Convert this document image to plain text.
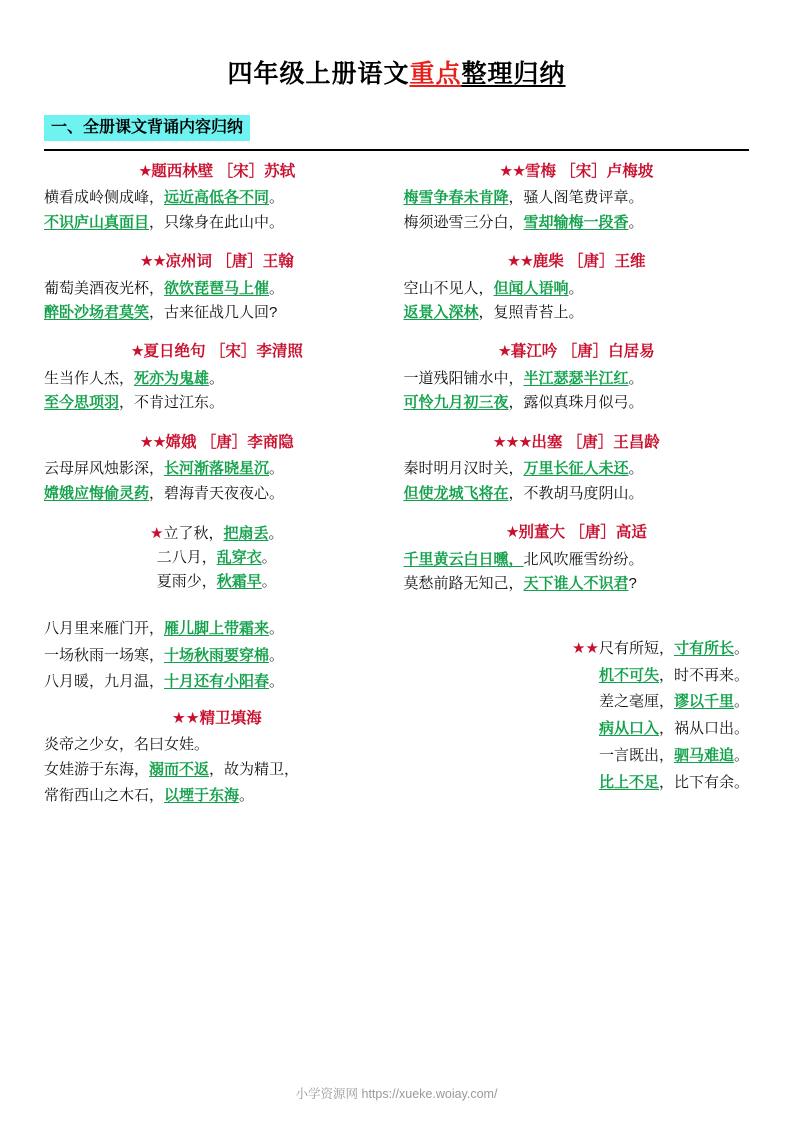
四年级上册语文重点整理归纳
一、全册课文背诵内容归纳
★题西林壁 ［宋］苏轼
横看成岭侧成峰，远近高低各不同。
不识庐山真面目，只缘身在此山中。
★★凉州词 ［唐］王翰
葡萄美酒夜光杯，欲饮琵琶马上催。
醉卧沙场君莫笑，古来征战几人回?
★夏日绝句 ［宋］李清照
生当作人杰，死亦为鬼雄。
至今思项羽，不肯过江东。
★★嫦娥 ［唐］李商隐
云母屏风烛影深，长河渐落晓星沉。
嫦娥应悔偷灵药，碧海青天夜夜心。
★立了秋，把扇丢。
二八月，乱穿衣。
夏雨少，秋霜早。
★★雪梅 ［宋］卢梅坡
梅雪争春未肯降，骚人阁笔费评章。
梅须逊雪三分白，雪却输梅一段香。
★★鹿柴 ［唐］王维
空山不见人，但闻人语响。
返景入深林，复照青苔上。
★暮江吟 ［唐］白居易
一道残阳铺水中，半江瑟瑟半江红。
可怜九月初三夜，露似真珠月似弓。
★★★出塞 ［唐］王昌龄
秦时明月汉时关，万里长征人未还。
但使龙城飞将在，不教胡马度阴山。
★别董大 ［唐］高适
千里黄云白日曛，北风吹雁雪纷纷。
莫愁前路无知己，天下谁人不识君?
八月里来雁门开，雁儿脚上带霜来。
一场秋雨一场寒，十场秋雨要穿棉。
八月暖，九月温，十月还有小阳春。
★★精卫填海
炎帝之少女，名曰女娃。
女娃游于东海，溺而不返，故为精卫，
常衔西山之木石，以堙于东海。
★★尺有所短，寸有所长。
机不可失，时不再来。
差之毫厘，谬以千里。
病从口入，祸从口出。
一言既出，驷马难追。
比上不足，比下有余。
小学资源网 https://xueke.woiay.com/
